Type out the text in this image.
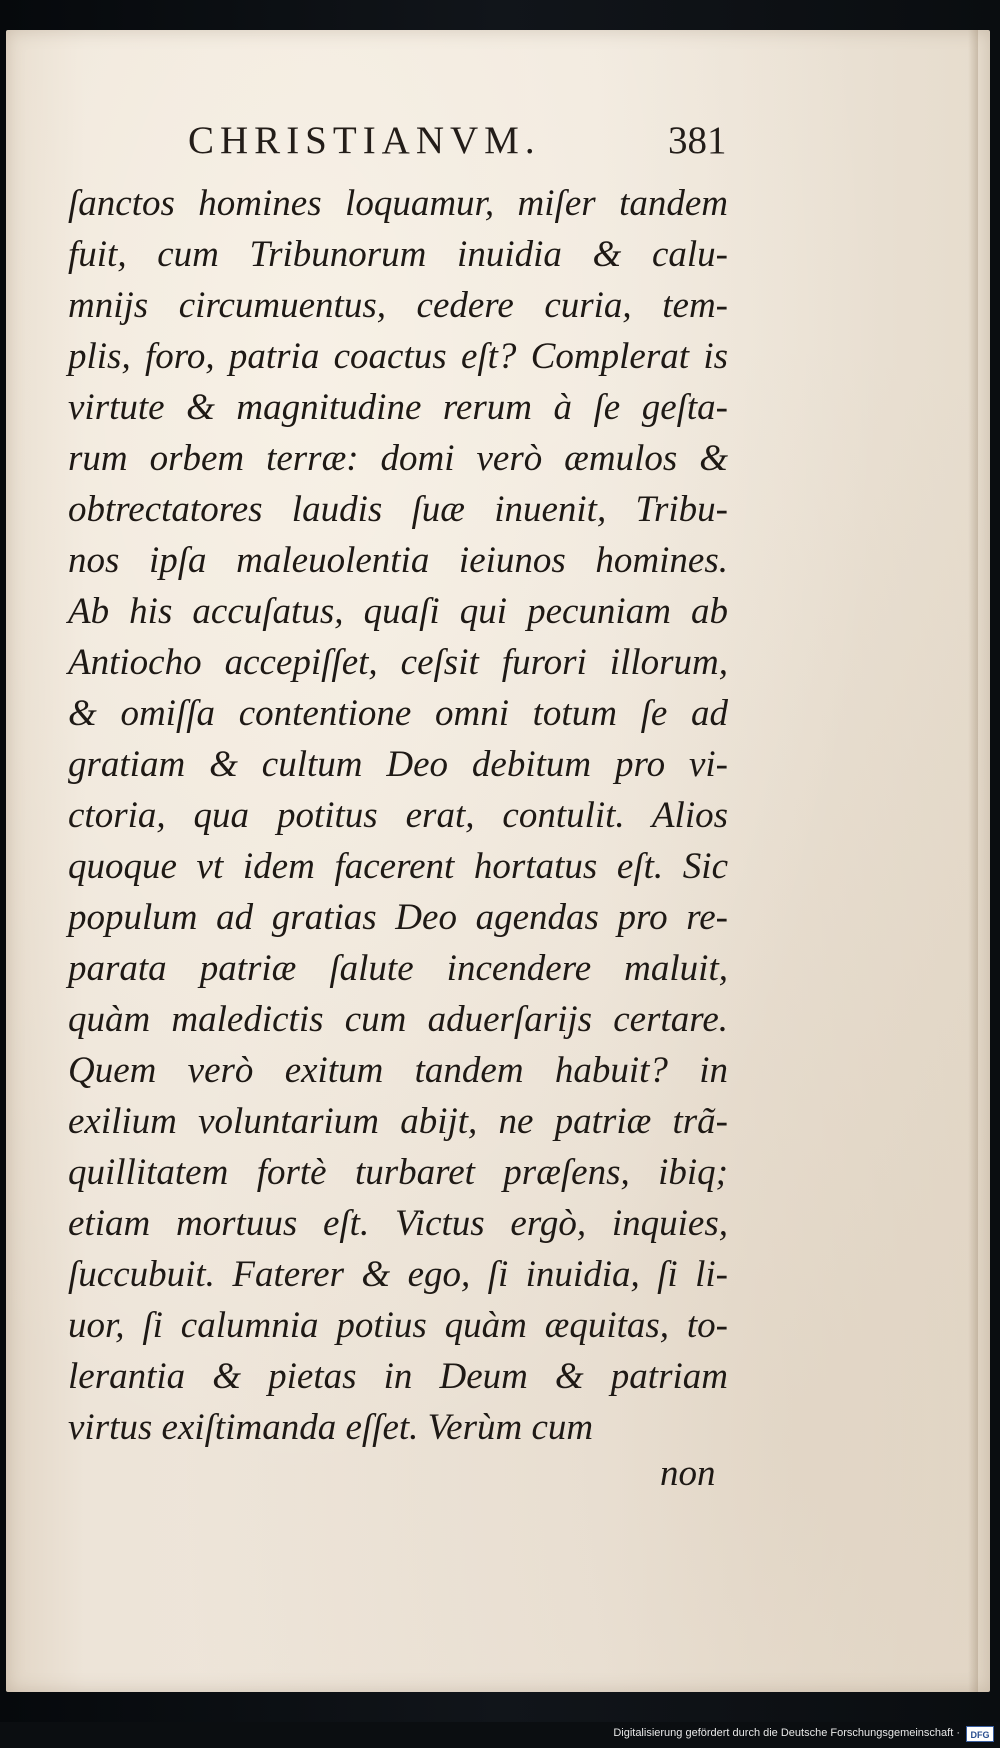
CHRISTIANVM.	381
ſanctos homines loquamur, miſer tandem
fuit, cum Tribunorum inuidia & calu-
mnijs circumuentus, cedere curia, tem-
plis, foro, patria coactus eſt? Complerat is
virtute & magnitudine rerum à ſe geſta-
rum orbem terræ: domi verò æmulos &
obtrectatores laudis ſuæ inuenit, Tribu-
nos ipſa maleuolentia ieiunos homines.
Ab his accuſatus, quaſi qui pecuniam ab
Antiocho accepiſſet, ceſsit furori illorum,
& omiſſa contentione omni totum ſe ad
gratiam & cultum Deo debitum pro vi-
ctoria, qua potitus erat, contulit. Alios
quoque vt idem facerent hortatus eſt. Sic
populum ad gratias Deo agendas pro re-
parata patriæ ſalute incendere maluit,
quàm maledictis cum aduerſarijs certare.
Quem verò exitum tandem habuit? in
exilium voluntarium abijt, ne patriæ trã-
quillitatem fortè turbaret præſens, ibiq;
etiam mortuus eſt. Victus ergò, inquies,
ſuccubuit. Faterer & ego, ſi inuidia, ſi li-
uor, ſi calumnia potius quàm æquitas, to-
lerantia & pietas in Deum & patriam
virtus exiſtimanda eſſet. Verùm cum
non
Digitalisierung gefördert durch die Deutsche Forschungsgemeinschaft ·	DFG
